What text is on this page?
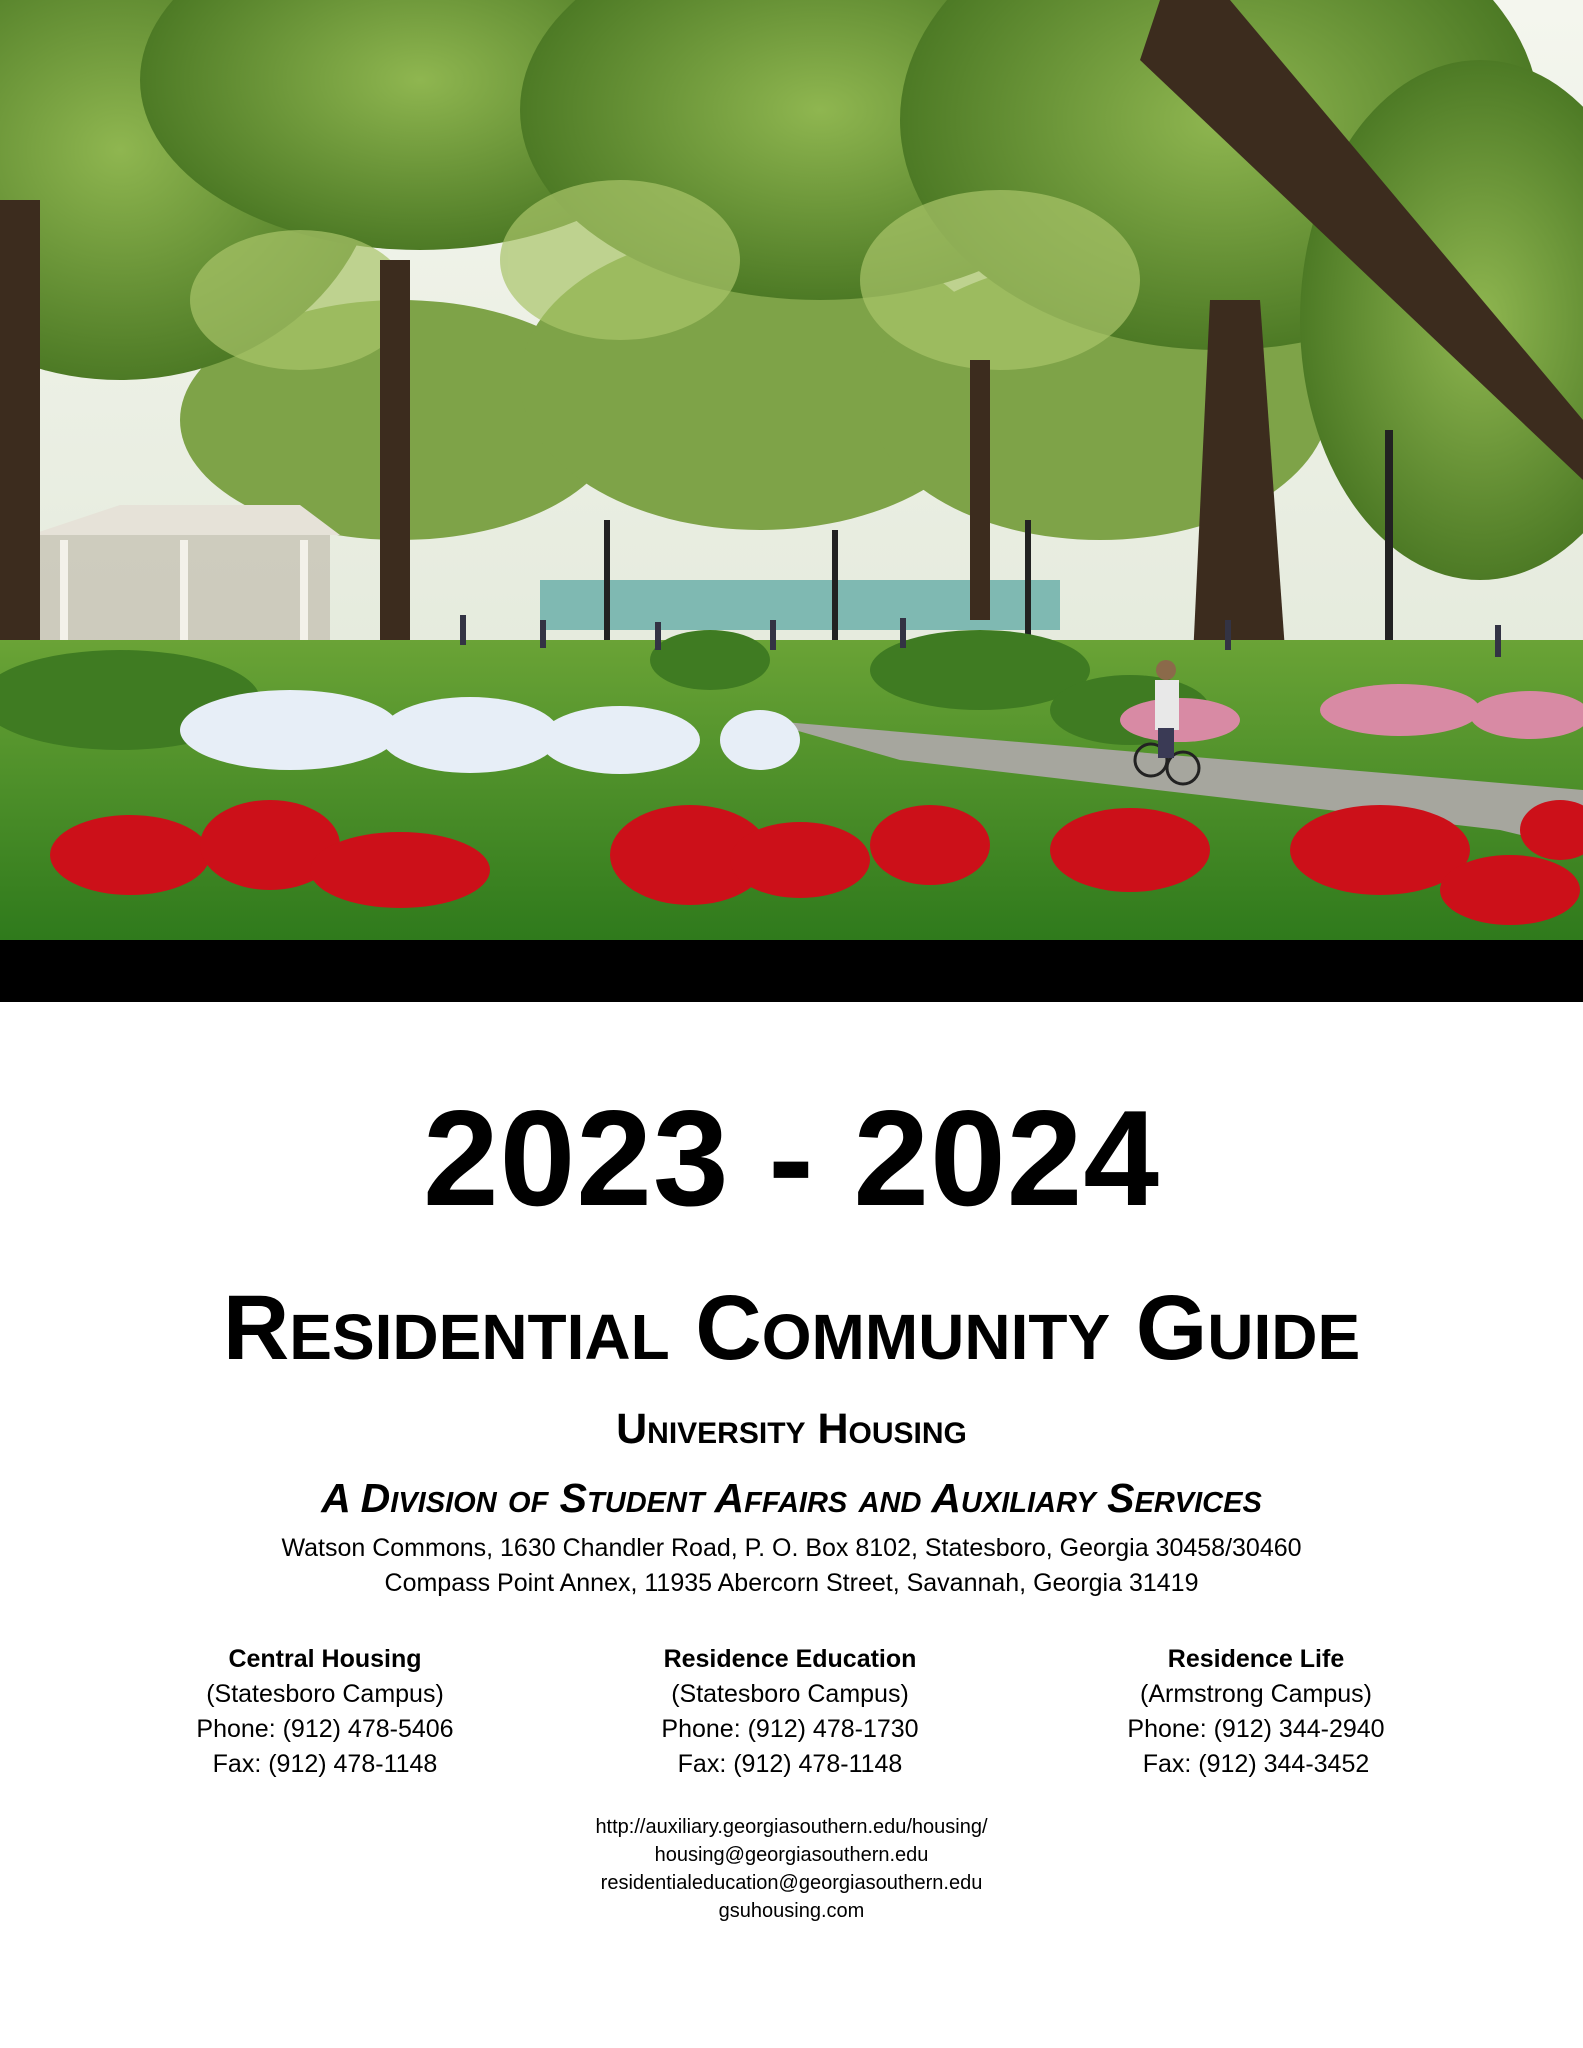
2023 - 2024
Residential Community Guide
University Housing
A Division of Student Affairs and Auxiliary Services
Watson Commons, 1630 Chandler Road, P. O. Box 8102, Statesboro, Georgia 30458/30460
Compass Point Annex, 11935 Abercorn Street, Savannah, Georgia 31419
Central Housing
(Statesboro Campus)
Phone: (912) 478-5406
Fax: (912) 478-1148
Residence Education
(Statesboro Campus)
Phone: (912) 478-1730
Fax: (912) 478-1148
Residence Life
(Armstrong Campus)
Phone: (912) 344-2940
Fax: (912) 344-3452
http://auxiliary.georgiasouthern.edu/housing/
housing@georgiasouthern.edu
residentialeducation@georgiasouthern.edu
gsuhousing.com
